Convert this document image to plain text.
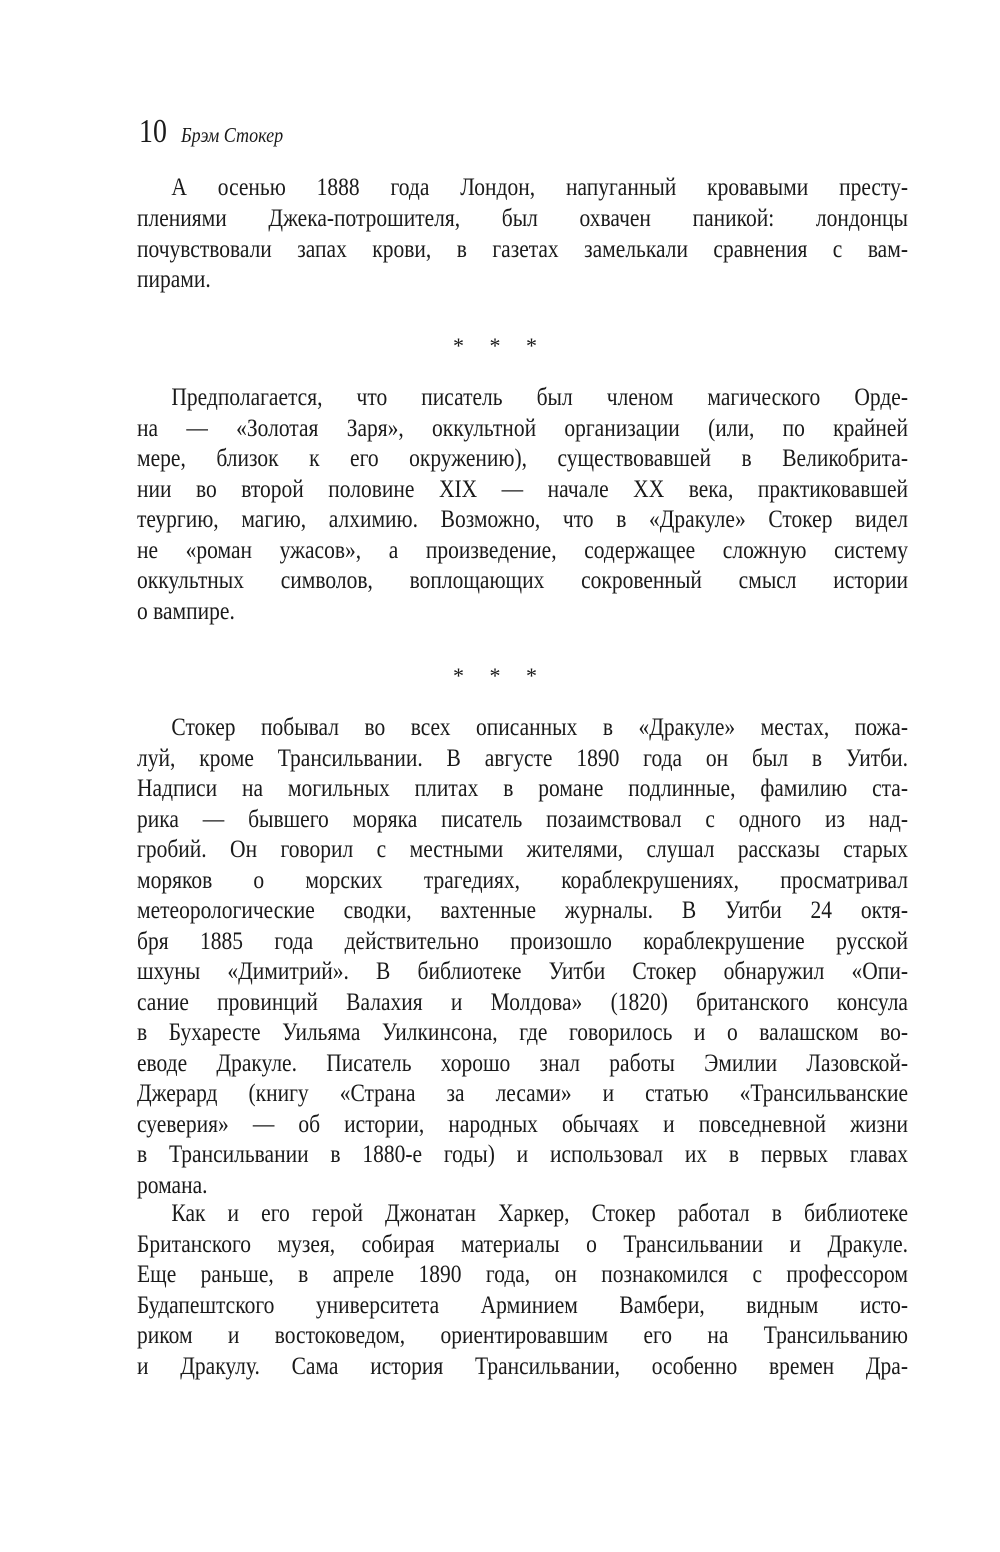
10 Брэм Стокер
А осенью 1888 года Лондон, напуганный кровавыми престу-
плениями Джека-потрошителя, был охвачен паникой: лондонцы
почувствовали запах крови, в газетах замелькали сравнения с вам-
пирами.
Предполагается, что писатель был членом магического Орде-
на — «Золотая Заря», оккультной организации (или, по крайней
мере, близок к его окружению), существовавшей в Великобрита-
нии во второй половине XIX — начале XX века, практиковавшей
теургию, магию, алхимию. Возможно, что в «Дракуле» Стокер видел
не «роман ужасов», а произведение, содержащее сложную систему
оккультных символов, воплощающих сокровенный смысл истории
о вампире.
Стокер побывал во всех описанных в «Дракуле» местах, пожа-
луй, кроме Трансильвании. В августе 1890 года он был в Уитби.
Надписи на могильных плитах в романе подлинные, фамилию ста-
рика — бывшего моряка писатель позаимствовал с одного из над-
гробий. Он говорил с местными жителями, слушал рассказы старых
моряков о морских трагедиях, кораблекрушениях, просматривал
метеорологические сводки, вахтенные журналы. В Уитби 24 октя-
бря 1885 года действительно произошло кораблекрушение русской
шхуны «Димитрий». В библиотеке Уитби Стокер обнаружил «Опи-
сание провинций Валахия и Молдова» (1820) британского консула
в Бухаресте Уильяма Уилкинсона, где говорилось и о валашском во-
еводе Дракуле. Писатель хорошо знал работы Эмилии Лазовской-
Джерард (книгу «Страна за лесами» и статью «Трансильванские
суеверия» — об истории, народных обычаях и повседневной жизни
в Трансильвании в 1880-е годы) и использовал их в первых главах
романа.
Как и его герой Джонатан Харкер, Стокер работал в библиотеке
Британского музея, собирая материалы о Трансильвании и Дракуле.
Еще раньше, в апреле 1890 года, он познакомился с профессором
Будапештского университета Арминием Вамбери, видным исто-
риком и востоковедом, ориентировавшим его на Трансильванию
и Дракулу. Сама история Трансильвании, особенно времен Дра-
* * *
* * *
